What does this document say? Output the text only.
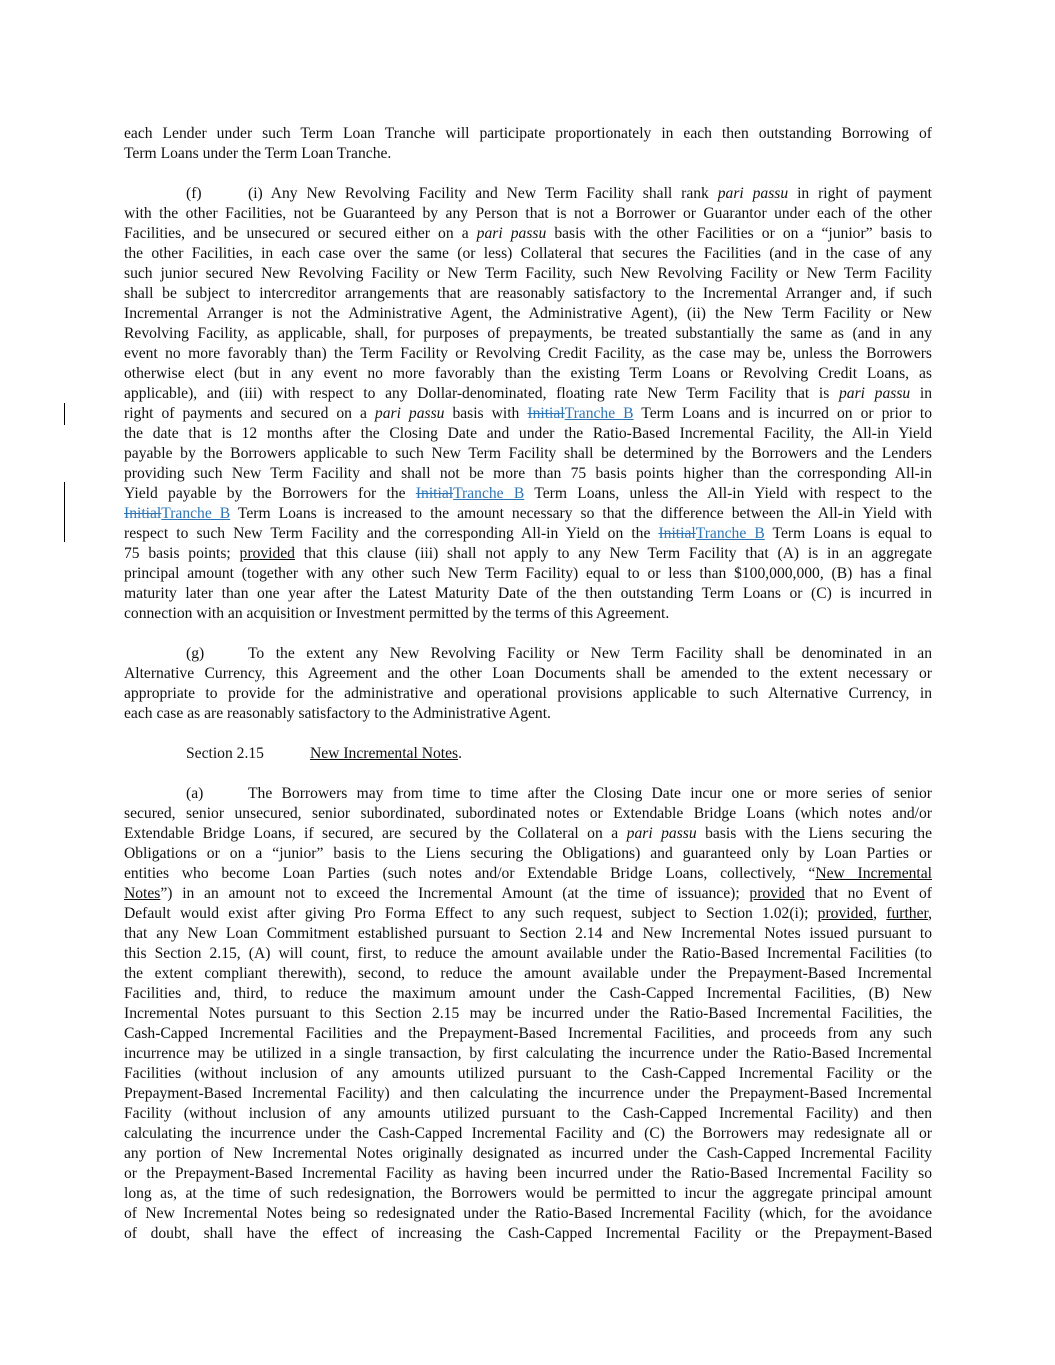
each Lender under such Term Loan Tranche will participate proportionately in each then outstanding Borrowing of
Term Loans under the Term Loan Tranche.
(f)	(i) Any New Revolving Facility and New Term Facility shall rank pari passu in right of payment
with the other Facilities, not be Guaranteed by any Person that is not a Borrower or Guarantor under each of the other
Facilities, and be unsecured or secured either on a pari passu basis with the other Facilities or on a “junior” basis to
the other Facilities, in each case over the same (or less) Collateral that secures the Facilities (and in the case of any
such junior secured New Revolving Facility or New Term Facility, such New Revolving Facility or New Term Facility
shall be subject to intercreditor arrangements that are reasonably satisfactory to the Incremental Arranger and, if such
Incremental Arranger is not the Administrative Agent, the Administrative Agent), (ii) the New Term Facility or New
Revolving Facility, as applicable, shall, for purposes of prepayments, be treated substantially the same as (and in any
event no more favorably than) the Term Facility or Revolving Credit Facility, as the case may be, unless the Borrowers
otherwise elect (but in any event no more favorably than the existing Term Loans or Revolving Credit Loans, as
applicable), and (iii) with respect to any Dollar-denominated, floating rate New Term Facility that is pari passu in
right of payments and secured on a pari passu basis with InitialTranche B Term Loans and is incurred on or prior to
the date that is 12 months after the Closing Date and under the Ratio-Based Incremental Facility, the All-in Yield
payable by the Borrowers applicable to such New Term Facility shall be determined by the Borrowers and the Lenders
providing such New Term Facility and shall not be more than 75 basis points higher than the corresponding All-in
Yield payable by the Borrowers for the InitialTranche B Term Loans, unless the All-in Yield with respect to the
InitialTranche B Term Loans is increased to the amount necessary so that the difference between the All-in Yield with
respect to such New Term Facility and the corresponding All-in Yield on the InitialTranche B Term Loans is equal to
75 basis points; provided that this clause (iii) shall not apply to any New Term Facility that (A) is in an aggregate
principal amount (together with any other such New Term Facility) equal to or less than $100,000,000, (B) has a final
maturity later than one year after the Latest Maturity Date of the then outstanding Term Loans or (C) is incurred in
connection with an acquisition or Investment permitted by the terms of this Agreement.
(g)	To the extent any New Revolving Facility or New Term Facility shall be denominated in an
Alternative Currency, this Agreement and the other Loan Documents shall be amended to the extent necessary or
appropriate to provide for the administrative and operational provisions applicable to such Alternative Currency, in
each case as are reasonably satisfactory to the Administrative Agent.
Section 2.15	New Incremental Notes.
(a)	The Borrowers may from time to time after the Closing Date incur one or more series of senior
secured, senior unsecured, senior subordinated, subordinated notes or Extendable Bridge Loans (which notes and/or
Extendable Bridge Loans, if secured, are secured by the Collateral on a pari passu basis with the Liens securing the
Obligations or on a “junior” basis to the Liens securing the Obligations) and guaranteed only by Loan Parties or
entities who become Loan Parties (such notes and/or Extendable Bridge Loans, collectively, “New Incremental
Notes”) in an amount not to exceed the Incremental Amount (at the time of issuance); provided that no Event of
Default would exist after giving Pro Forma Effect to any such request, subject to Section 1.02(i); provided, further,
that any New Loan Commitment established pursuant to Section 2.14 and New Incremental Notes issued pursuant to
this Section 2.15, (A) will count, first, to reduce the amount available under the Ratio-Based Incremental Facilities (to
the extent compliant therewith), second, to reduce the amount available under the Prepayment-Based Incremental
Facilities and, third, to reduce the maximum amount under the Cash-Capped Incremental Facilities, (B) New
Incremental Notes pursuant to this Section 2.15 may be incurred under the Ratio-Based Incremental Facilities, the
Cash-Capped Incremental Facilities and the Prepayment-Based Incremental Facilities, and proceeds from any such
incurrence may be utilized in a single transaction, by first calculating the incurrence under the Ratio-Based Incremental
Facilities (without inclusion of any amounts utilized pursuant to the Cash-Capped Incremental Facility or the
Prepayment-Based Incremental Facility) and then calculating the incurrence under the Prepayment-Based Incremental
Facility (without inclusion of any amounts utilized pursuant to the Cash-Capped Incremental Facility) and then
calculating the incurrence under the Cash-Capped Incremental Facility and (C) the Borrowers may redesignate all or
any portion of New Incremental Notes originally designated as incurred under the Cash-Capped Incremental Facility
or the Prepayment-Based Incremental Facility as having been incurred under the Ratio-Based Incremental Facility so
long as, at the time of such redesignation, the Borrowers would be permitted to incur the aggregate principal amount
of New Incremental Notes being so redesignated under the Ratio-Based Incremental Facility (which, for the avoidance
of doubt, shall have the effect of increasing the Cash-Capped Incremental Facility or the Prepayment-Based
